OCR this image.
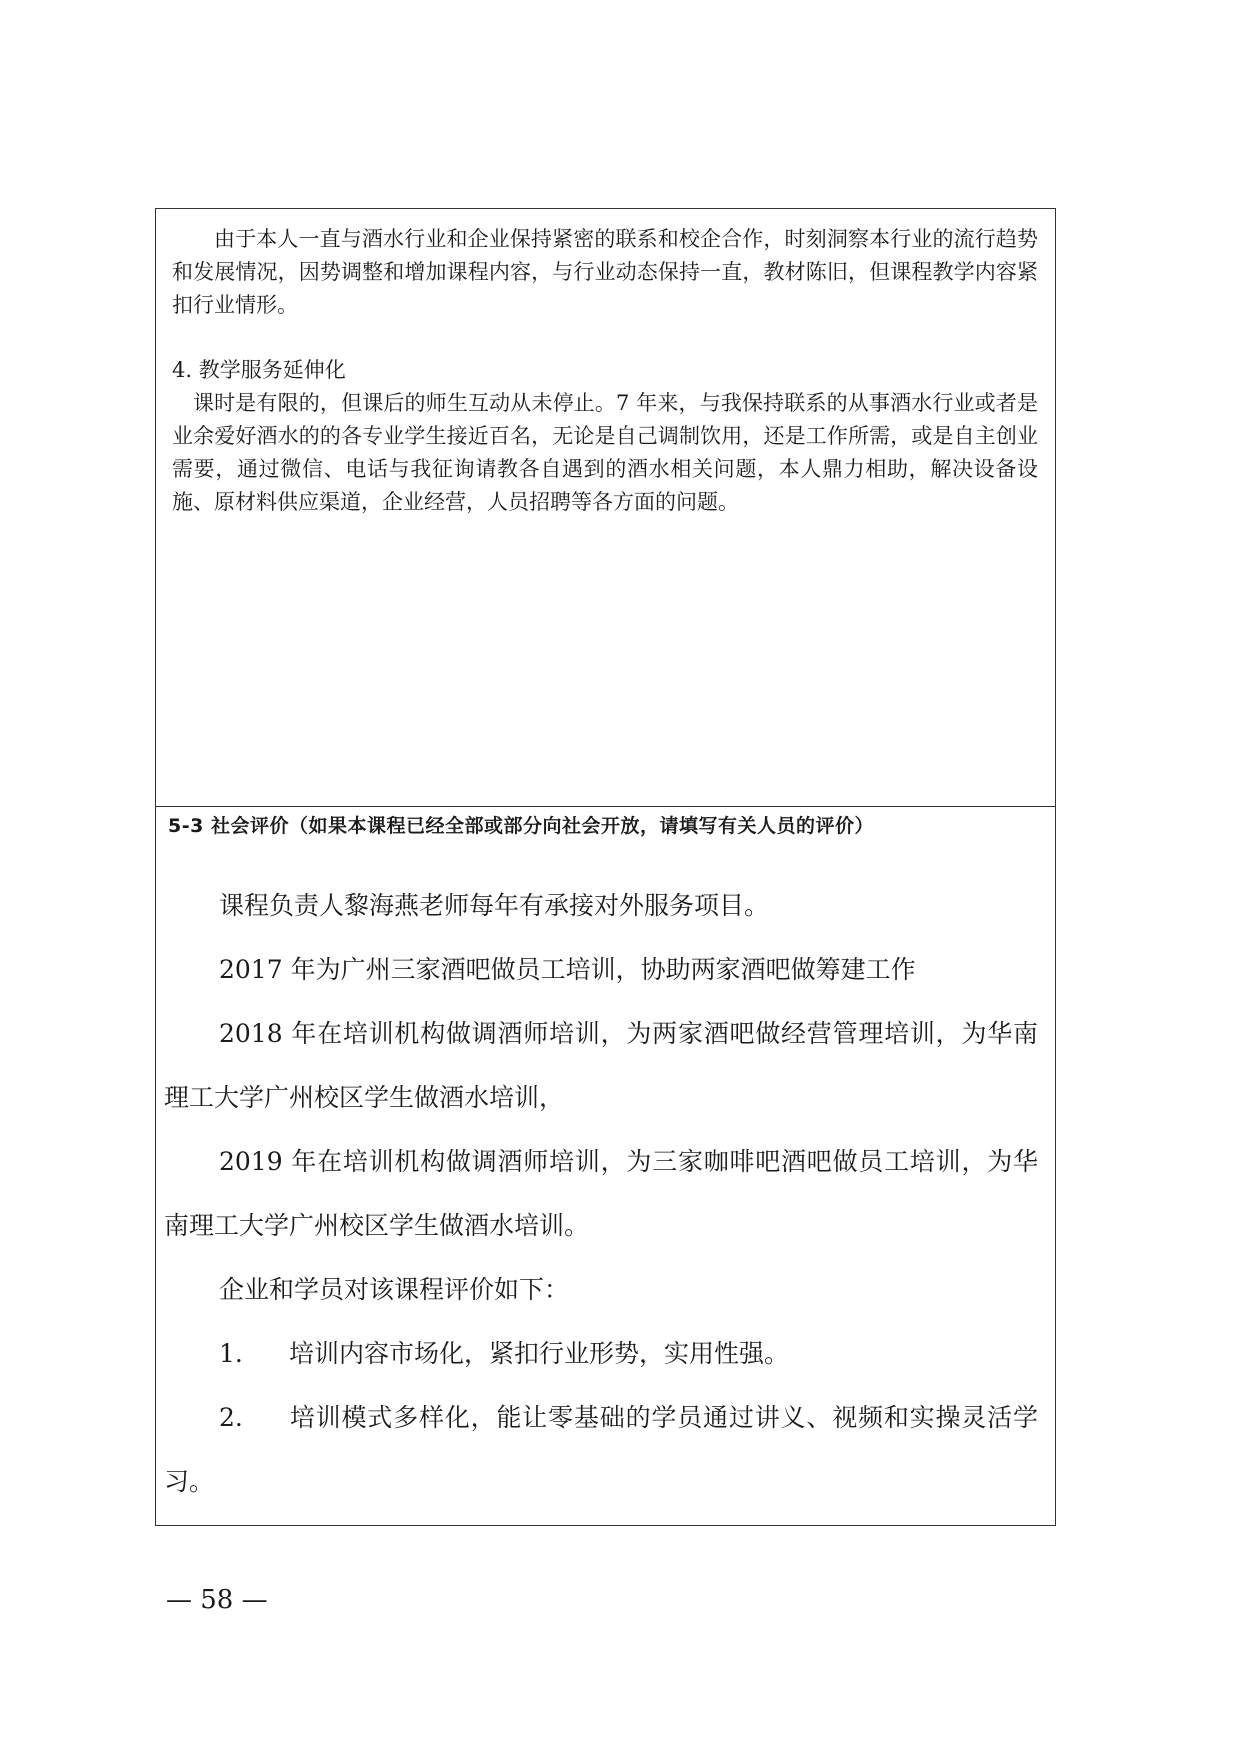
由于本人一直与酒水行业和企业保持紧密的联系和校企合作，时刻洞察本行业的流行趋势和发展情况，因势调整和增加课程内容，与行业动态保持一直，教材陈旧，但课程教学内容紧扣行业情形。

4. 教学服务延伸化

课时是有限的，但课后的师生互动从未停止。7 年来，与我保持联系的从事酒水行业或者是业余爱好酒水的的各专业学生接近百名，无论是自己调制饮用，还是工作所需，或是自主创业需要，通过微信、电话与我征询请教各自遇到的酒水相关问题，本人鼎力相助，解决设备设施、原材料供应渠道，企业经营，人员招聘等各方面的问题。

5-3 社会评价（如果本课程已经全部或部分向社会开放，请填写有关人员的评价）

课程负责人黎海燕老师每年有承接对外服务项目。

2017 年为广州三家酒吧做员工培训，协助两家酒吧做筹建工作

2018 年在培训机构做调酒师培训，为两家酒吧做经营管理培训，为华南理工大学广州校区学生做酒水培训，

2019 年在培训机构做调酒师培训，为三家咖啡吧酒吧做员工培训，为华南理工大学广州校区学生做酒水培训。

企业和学员对该课程评价如下：

1. 培训内容市场化，紧扣行业形势，实用性强。

2. 培训模式多样化，能让零基础的学员通过讲义、视频和实操灵活学习。

— 58 —
